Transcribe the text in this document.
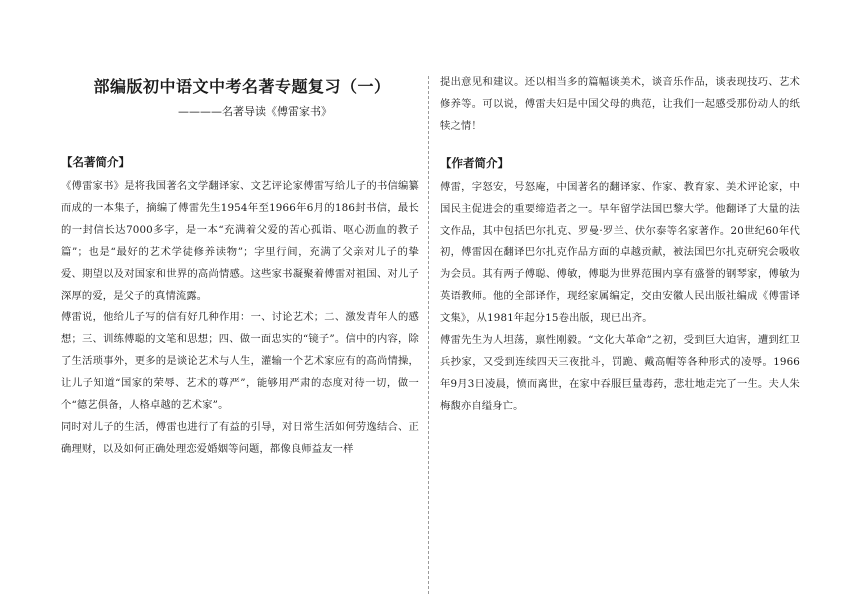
部编版初中语文中考名著专题复习（一）

————名著导读《傅雷家书》

【名著简介】

《傅雷家书》是将我国著名文学翻译家、文艺评论家傅雷写给儿子的书信编纂而成的一本集子，摘编了傅雷先生1954年至1966年6月的186封书信，最长的一封信长达7000多字，是一本“充满着父爱的苦心孤诣、呕心沥血的教子篇”；也是“最好的艺术学徒修养读物”；字里行间，充满了父亲对儿子的挚爱、期望以及对国家和世界的高尚情感。这些家书凝聚着傅雷对祖国、对儿子深厚的爱，是父子的真情流露。

傅雷说，他给儿子写的信有好几种作用：一、讨论艺术；二、激发青年人的感想；三、训练傅聪的文笔和思想；四、做一面忠实的“镜子”。信中的内容，除了生活琐事外，更多的是谈论艺术与人生，灌输一个艺术家应有的高尚情操，让儿子知道“国家的荣辱、艺术的尊严”，能够用严肃的态度对待一切，做一个“德艺俱备，人格卓越的艺术家”。

同时对儿子的生活，傅雷也进行了有益的引导，对日常生活如何劳逸结合、正确理财，以及如何正确处理恋爱婚姻等问题，都像良师益友一样

提出意见和建议。还以相当多的篇幅谈美术，谈音乐作品，谈表现技巧、艺术修养等。可以说，傅雷夫妇是中国父母的典范，让我们一起感受那份动人的纸犊之情！

【作者简介】

傅雷，字怒安，号怒庵，中国著名的翻译家、作家、教育家、美术评论家，中国民主促进会的重要缔造者之一。早年留学法国巴黎大学。他翻译了大量的法文作品，其中包括巴尔扎克、罗曼·罗兰、伏尔泰等名家著作。20世纪60年代初，傅雷因在翻译巴尔扎克作品方面的卓越贡献，被法国巴尔扎克研究会吸收为会员。其有两子傅聪、傅敏，傅聪为世界范围内享有盛誉的钢琴家，傅敏为英语教师。他的全部译作，现经家属编定，交由安徽人民出版社编成《傅雷译文集》，从1981年起分15卷出版，现已出齐。

傅雷先生为人坦荡，禀性刚毅。“文化大革命”之初，受到巨大迫害，遭到红卫兵抄家，又受到连续四天三夜批斗，罚跪、戴高帽等各种形式的凌辱。1966年9月3日凌晨，愤而离世，在家中吞服巨量毒药，悲壮地走完了一生。夫人朱梅馥亦自缢身亡。
